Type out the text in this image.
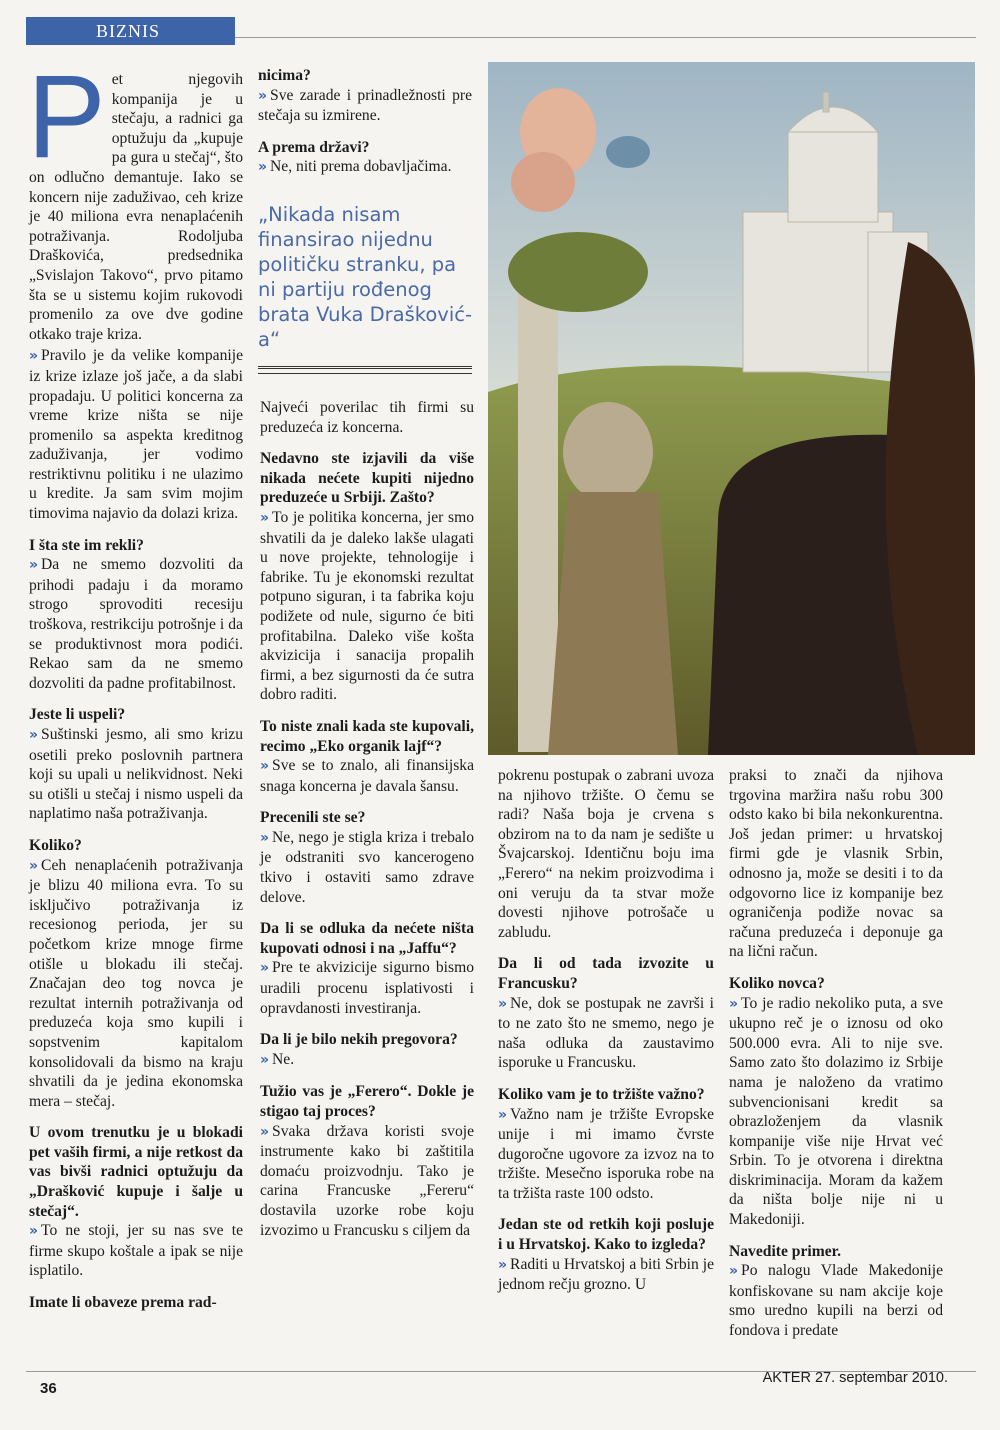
BIZNIS

Pet njegovih kompanija je u stečaju, a radnici ga optužuju da „kupuje pa gura u stečaj“, što on odlučno demantuje. Iako se koncern nije zaduživao, ceh krize je 40 miliona evra nenaplaćenih potraživanja. Rodoljuba Draškovića, predsednika „Svislajon Takovo“, prvo pitamo šta se u sistemu kojim rukovodi promenilo za ove dve godine otkako traje kriza.

» Pravilo je da velike kompanije iz krize izlaze još jače, a da slabi propadaju. U politici koncerna za vreme krize ništa se nije promenilo sa aspekta kreditnog zaduživanja, jer vodimo restriktivnu politiku i ne ulazimo u kredite. Ja sam svim mojim timovima najavio da dolazi kriza.

I šta ste im rekli?

» Da ne smemo dozvoliti da prihodi padaju i da moramo strogo sprovoditi recesiju troškova, restrikciju potrošnje i da se produktivnost mora podići. Rekao sam da ne smemo dozvoliti da padne profitabilnost.

Jeste li uspeli?

» Suštinski jesmo, ali smo krizu osetili preko poslovnih partnera koji su upali u nelikvidnost. Neki su otišli u stečaj i nismo uspeli da naplatimo naša potraživanja.

Koliko?

» Ceh nenaplaćenih potraživanja je blizu 40 miliona evra. To su isključivo potraživanja iz recesionog perioda, jer su početkom krize mnoge firme otišle u blokadu ili stečaj. Značajan deo tog novca je rezultat internih potraživanja od preduzeća koja smo kupili i sopstvenim kapitalom konsolidovali da bismo na kraju shvatili da je jedina ekonomska mera – stečaj.

U ovom trenutku je u blokadi pet vaših firmi, a nije retkost da vas bivši radnici optužuju da „Drašković kupuje i šalje u stečaj“.

» To ne stoji, jer su nas sve te firme skupo koštale a ipak se nije isplatilo.

Imate li obaveze prema rad-

nicima?

» Sve zarade i prinadležnosti pre stečaja su izmirene.

A prema državi?

» Ne, niti prema dobavljačima.

„Nikada nisam finansirao nijednu političku stranku, pa ni partiju rođenog brata Vuka Draškovića“

Najveći poverilac tih firmi su preduzeća iz koncerna.

Nedavno ste izjavili da više nikada nećete kupiti nijedno preduzeće u Srbiji. Zašto?

» To je politika koncerna, jer smo shvatili da je daleko lakše ulagati u nove projekte, tehnologije i fabrike. Tu je ekonomski rezultat potpuno siguran, i ta fabrika koju podižete od nule, sigurno će biti profitabilna. Daleko više košta akvizicija i sanacija propalih firmi, a bez sigurnosti da će sutra dobro raditi.

To niste znali kada ste kupovali, recimo „Eko organik lajf“?

» Sve se to znalo, ali finansijska snaga koncerna je davala šansu.

Precenili ste se?

» Ne, nego je stigla kriza i trebalo je odstraniti svo kancerogeno tkivo i ostaviti samo zdrave delove.

Da li se odluka da nećete ništa kupovati odnosi i na „Jaffu“?

» Pre te akvizicije sigurno bismo uradili procenu isplativosti i opravdanosti investiranja.

Da li je bilo nekih pregovora?

» Ne.

Tužio vas je „Ferero“. Dokle je stigao taj proces?

» Svaka država koristi svoje instrumente kako bi zaštitila domaću proizvodnju. Tako je carina Francuske „Fereru“ dostavila uzorke robe koju izvozimo u Francusku s ciljem da

pokrenu postupak o zabrani uvoza na njihovo tržište. O čemu se radi? Naša boja je crvena s obzirom na to da nam je sedište u Švajcarskoj. Identičnu boju ima „Ferero“ na nekim proizvodima i oni veruju da ta stvar može dovesti njihove potrošače u zabludu.

Da li od tada izvozite u Francusku?

» Ne, dok se postupak ne završi i to ne zato što ne smemo, nego je naša odluka da zaustavimo isporuke u Francusku.

Koliko vam je to tržište važno?

» Važno nam je tržište Evropske unije i mi imamo čvrste dugoročne ugovore za izvoz na to tržište. Mesečno isporuka robe na ta tržišta raste 100 odsto.

Jedan ste od retkih koji posluje i u Hrvatskoj. Kako to izgleda?

» Raditi u Hrvatskoj a biti Srbin je jednom rečju grozno. U

praksi to znači da njihova trgovina maržira našu robu 300 odsto kako bi bila nekonkurentna. Još jedan primer: u hrvatskoj firmi gde je vlasnik Srbin, odnosno ja, može se desiti i to da odgovorno lice iz kompanije bez ograničenja podiže novac sa računa preduzeća i deponuje ga na lični račun.

Koliko novca?

» To je radio nekoliko puta, a sve ukupno reč je o iznosu od oko 500.000 evra. Ali to nije sve. Samo zato što dolazimo iz Srbije nama je naloženo da vratimo subvencionisani kredit sa obrazloženjem da vlasnik kompanije više nije Hrvat već Srbin. To je otvorena i direktna diskriminacija. Moram da kažem da ništa bolje nije ni u Makedoniji.

Navedite primer.

» Po nalogu Vlade Makedonije konfiskovane su nam akcije koje smo uredno kupili na berzi od fondova i predate

36
AKTER 27. septembar 2010.
